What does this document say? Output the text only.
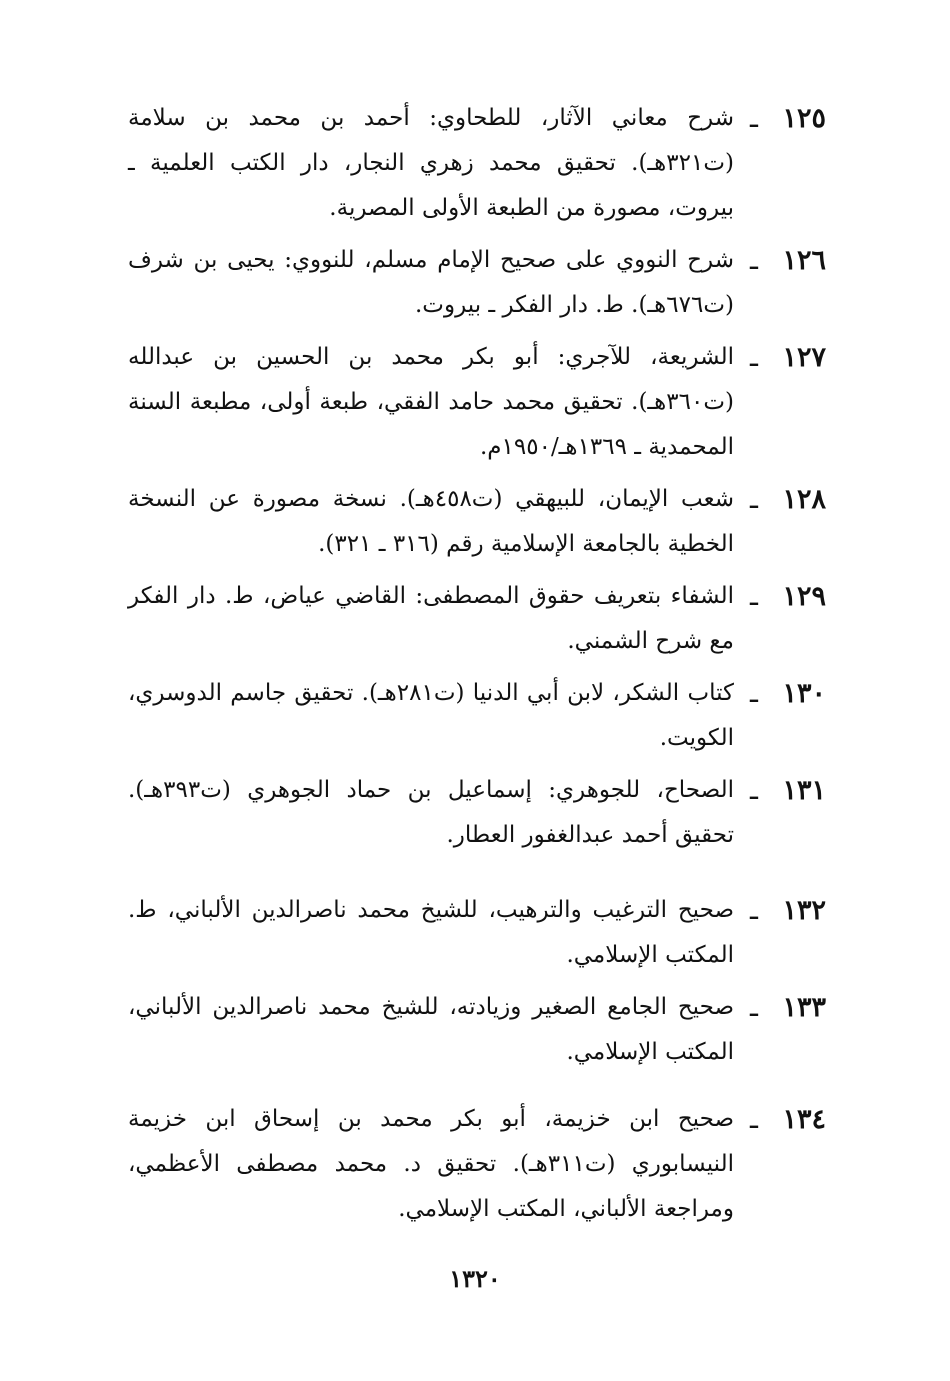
١٢٥
ـ
شرح معاني الآثار، للطحاوي: أحمد بن محمد بن سلامة (ت٣٢١هـ). تحقيق محمد زهري النجار، دار الكتب العلمية ـ بيروت، مصورة من الطبعة الأولى المصرية.
١٢٦
ـ
شرح النووي على صحيح الإمام مسلم، للنووي: يحيى بن شرف (ت٦٧٦هـ). ط. دار الفكر ـ بيروت.
١٢٧
ـ
الشريعة، للآجري: أبو بكر محمد بن الحسين بن عبدالله (ت٣٦٠هـ). تحقيق محمد حامد الفقي، طبعة أولى، مطبعة السنة المحمدية ـ ١٣٦٩هـ/١٩٥٠م.
١٢٨
ـ
شعب الإيمان، للبيهقي (ت٤٥٨هـ). نسخة مصورة عن النسخة الخطية بالجامعة الإسلامية رقم (٣١٦ ـ ٣٢١).
١٢٩
ـ
الشفاء بتعريف حقوق المصطفى: القاضي عياض، ط. دار الفكر مع شرح الشمني.
١٣٠
ـ
كتاب الشكر، لابن أبي الدنيا (ت٢٨١هـ). تحقيق جاسم الدوسري، الكويت.
١٣١
ـ
الصحاح، للجوهري: إسماعيل بن حماد الجوهري (ت٣٩٣هـ). تحقيق أحمد عبدالغفور العطار.
١٣٢
ـ
صحيح الترغيب والترهيب، للشيخ محمد ناصرالدين الألباني، ط. المكتب الإسلامي.
١٣٣
ـ
صحيح الجامع الصغير وزيادته، للشيخ محمد ناصرالدين الألباني، المكتب الإسلامي.
١٣٤
ـ
صحيح ابن خزيمة، أبو بكر محمد بن إسحاق ابن خزيمة النيسابوري (ت٣١١هـ). تحقيق د. محمد مصطفى الأعظمي، ومراجعة الألباني، المكتب الإسلامي.
١٣٢٠
